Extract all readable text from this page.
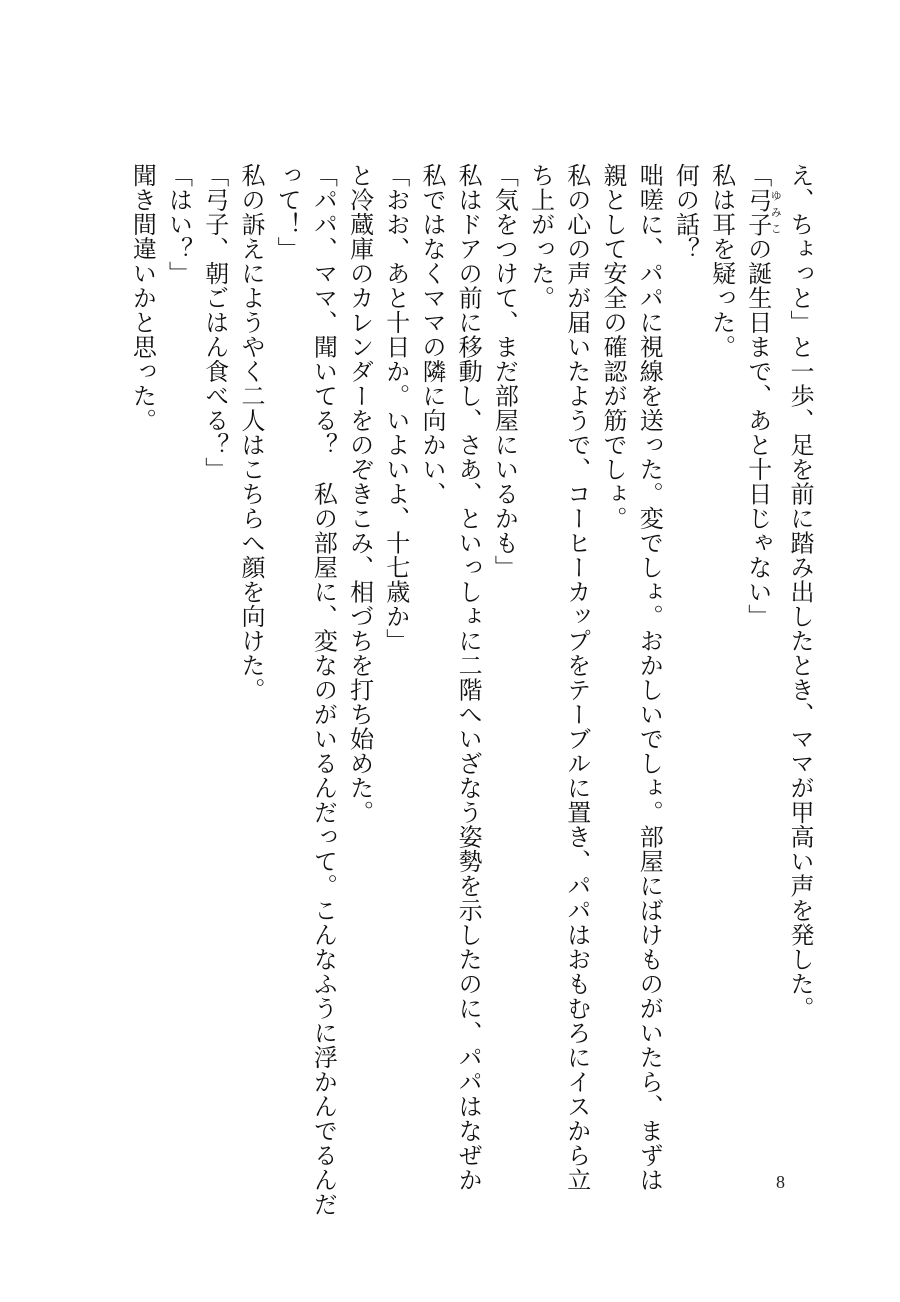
え、ちょっと」と一歩、足を前に踏み出したとき、ママが甲高い声を発した。

「弓子ゆみこの誕生日まで、あと十日じゃない」

私は耳を疑った。

何の話？

咄嗟に、パパに視線を送った。変でしょ。おかしいでしょ。部屋にばけものがいたら、まずは

親として安全の確認が筋でしょ。

私の心の声が届いたようで、コーヒーカップをテーブルに置き、パパはおもむろにイスから立

ち上がった。

「気をつけて、まだ部屋にいるかも」

私はドアの前に移動し、さあ、といっしょに二階へいざなう姿勢を示したのに、パパはなぜか

私ではなくママの隣に向かい、

「おお、あと十日か。いよいよ、十七歳か」

と冷蔵庫のカレンダーをのぞきこみ、相づちを打ち始めた。

「パパ、ママ、聞いてる？　私の部屋に、変なのがいるんだって。こんなふうに浮かんでるんだ

って！」

私の訴えにようやく二人はこちらへ顔を向けた。

「弓子、朝ごはん食べる？」

「はい？」

聞き間違いかと思った。

8
